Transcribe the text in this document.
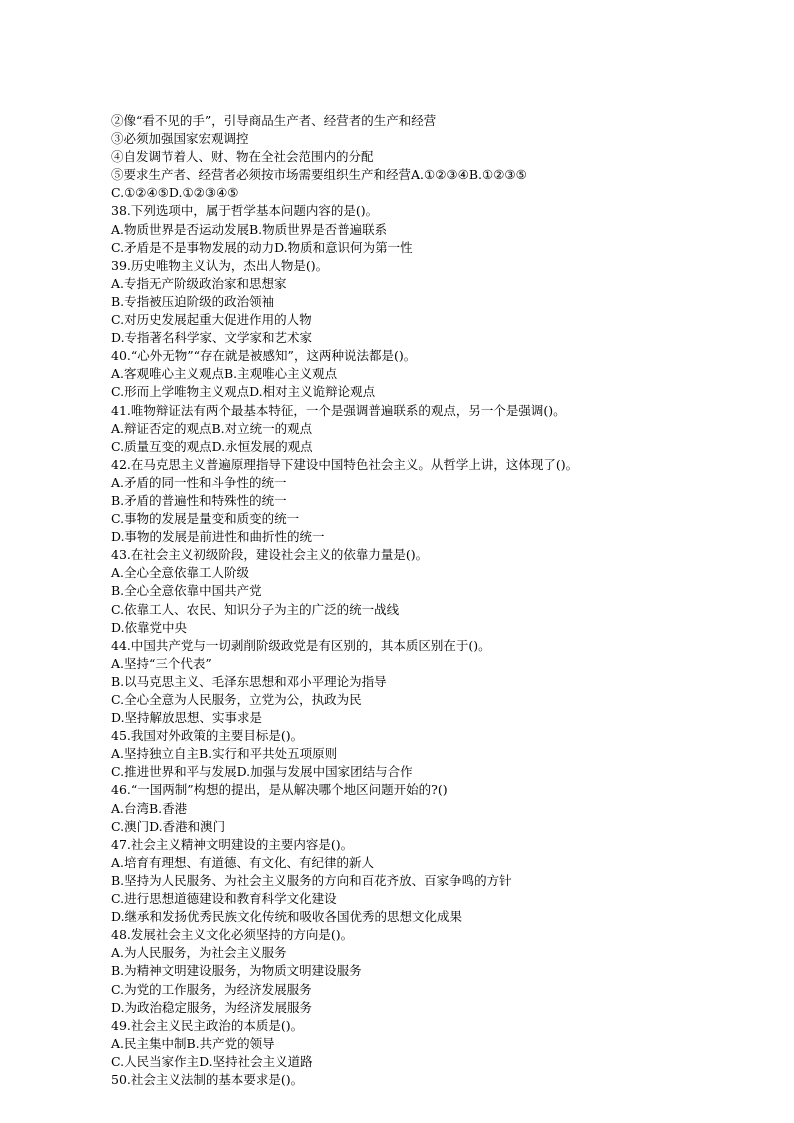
②像“看不见的手”，引导商品生产者、经营者的生产和经营
③必须加强国家宏观调控
④自发调节着人、财、物在全社会范围内的分配
⑤要求生产者、经营者必须按市场需要组织生产和经营A.①②③④B.①②③⑤
C.①②④⑤D.①②③④⑤
38.下列选项中，属于哲学基本问题内容的是()。
A.物质世界是否运动发展B.物质世界是否普遍联系
C.矛盾是不是事物发展的动力D.物质和意识何为第一性
39.历史唯物主义认为，杰出人物是()。
A.专指无产阶级政治家和思想家
B.专指被压迫阶级的政治领袖
C.对历史发展起重大促进作用的人物
D.专指著名科学家、文学家和艺术家
40.“心外无物”“存在就是被感知”，这两种说法都是()。
A.客观唯心主义观点B.主观唯心主义观点
C.形而上学唯物主义观点D.相对主义诡辩论观点
41.唯物辩证法有两个最基本特征，一个是强调普遍联系的观点，另一个是强调()。
A.辩证否定的观点B.对立统一的观点
C.质量互变的观点D.永恒发展的观点
42.在马克思主义普遍原理指导下建设中国特色社会主义。从哲学上讲，这体现了()。
A.矛盾的同一性和斗争性的统一
B.矛盾的普遍性和特殊性的统一
C.事物的发展是量变和质变的统一
D.事物的发展是前进性和曲折性的统一
43.在社会主义初级阶段，建设社会主义的依靠力量是()。
A.全心全意依靠工人阶级
B.全心全意依靠中国共产党
C.依靠工人、农民、知识分子为主的广泛的统一战线
D.依靠党中央
44.中国共产党与一切剥削阶级政党是有区别的，其本质区别在于()。
A.坚持“三个代表”
B.以马克思主义、毛泽东思想和邓小平理论为指导
C.全心全意为人民服务，立党为公，执政为民
D.坚持解放思想、实事求是
45.我国对外政策的主要目标是()。
A.坚持独立自主B.实行和平共处五项原则
C.推进世界和平与发展D.加强与发展中国家团结与合作
46.“一国两制”构想的提出，是从解决哪个地区问题开始的?()
A.台湾B.香港
C.澳门D.香港和澳门
47.社会主义精神文明建设的主要内容是()。
A.培育有理想、有道德、有文化、有纪律的新人
B.坚持为人民服务、为社会主义服务的方向和百花齐放、百家争鸣的方针
C.进行思想道德建设和教育科学文化建设
D.继承和发扬优秀民族文化传统和吸收各国优秀的思想文化成果
48.发展社会主义文化必须坚持的方向是()。
A.为人民服务，为社会主义服务
B.为精神文明建设服务，为物质文明建设服务
C.为党的工作服务，为经济发展服务
D.为政治稳定服务，为经济发展服务
49.社会主义民主政治的本质是()。
A.民主集中制B.共产党的领导
C.人民当家作主D.坚持社会主义道路
50.社会主义法制的基本要求是()。
